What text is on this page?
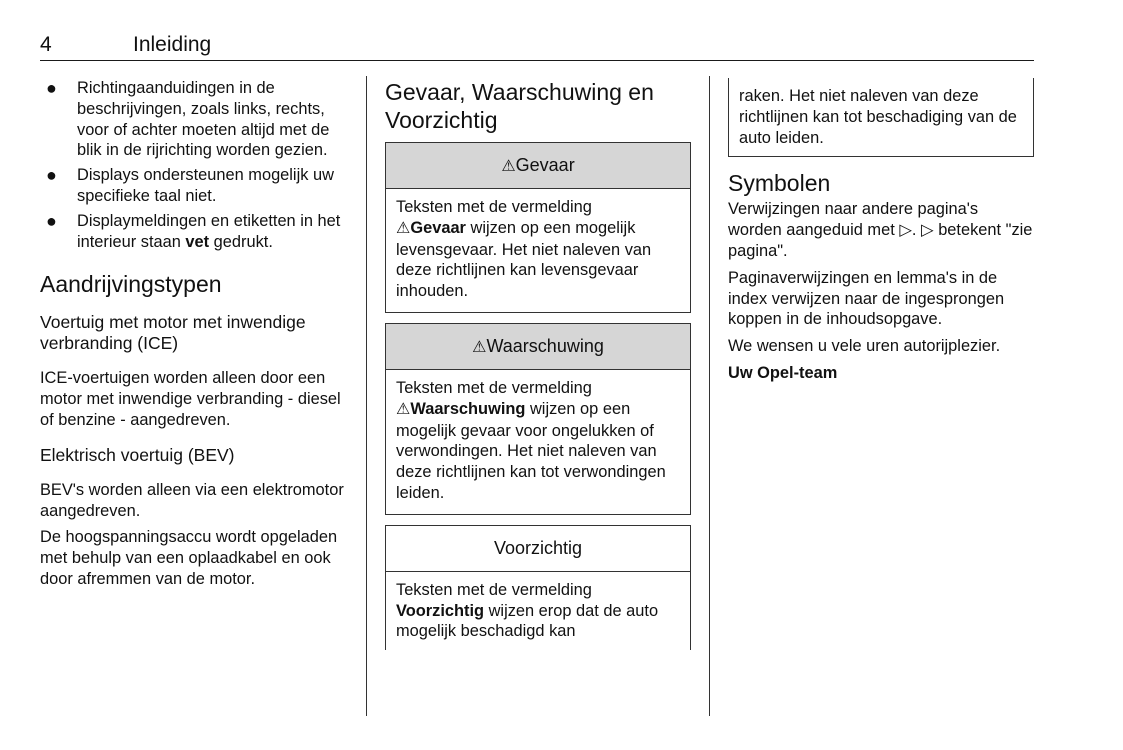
4	Inleiding
● Richtingaanduidingen in de beschrijvingen, zoals links, rechts, voor of achter moeten altijd met de blik in de rijrichting worden gezien.
● Displays ondersteunen mogelijk uw specifieke taal niet.
● Displaymeldingen en etiketten in het interieur staan vet gedrukt.
Aandrijvingstypen
Voertuig met motor met inwendige verbranding (ICE)

ICE-voertuigen worden alleen door een motor met inwendige verbranding - diesel of benzine - aangedreven.

Elektrisch voertuig (BEV)

BEV's worden alleen via een elektromotor aangedreven.

De hoogspanningsaccu wordt opgeladen met behulp van een oplaadkabel en ook door afremmen van de motor.

Gevaar, Waarschuwing en Voorzichtig
⚠Gevaar
Teksten met de vermelding
⚠Gevaar wijzen op een mogelijk levensgevaar. Het niet naleven van deze richtlijnen kan levensgevaar inhouden.
⚠Waarschuwing
Teksten met de vermelding
⚠Waarschuwing wijzen op een mogelijk gevaar voor ongelukken of verwondingen. Het niet naleven van deze richtlijnen kan tot verwondingen leiden.
Voorzichtig
Teksten met de vermelding Voorzichtig wijzen erop dat de auto mogelijk beschadigd kan

raken. Het niet naleven van deze richtlijnen kan tot beschadiging van de auto leiden.

Symbolen

Verwijzingen naar andere pagina's worden aangeduid met ▷. ▷ betekent "zie pagina".

Paginaverwijzingen en lemma's in de index verwijzen naar de ingesprongen koppen in de inhoudsopgave.

We wensen u vele uren autorijplezier.

Uw Opel-team
